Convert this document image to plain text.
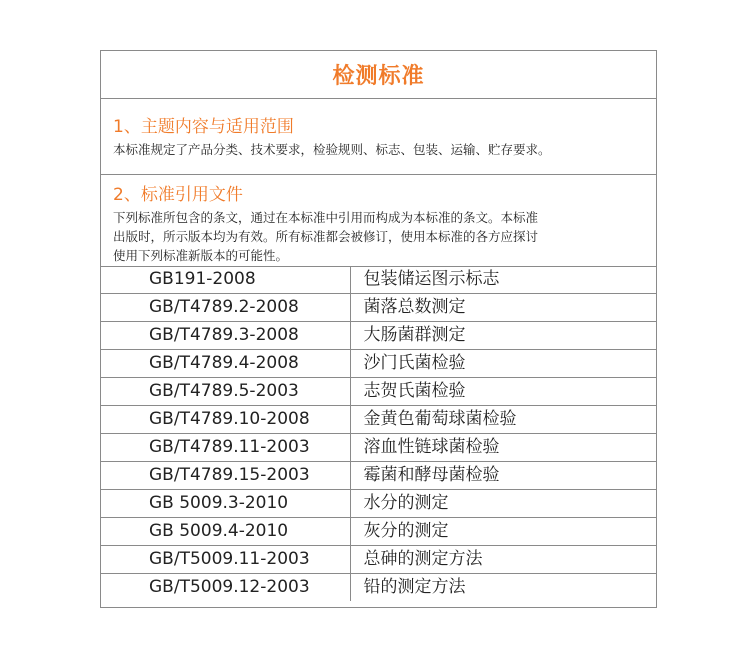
检测标准
1、主题内容与适用范围
本标准规定了产品分类、技术要求，检验规则、标志、包装、运输、贮存要求。
2、标准引用文件
下列标准所包含的条文，通过在本标准中引用而构成为本标准的条文。本标准
出版时，所示版本均为有效。所有标准都会被修订，使用本标准的各方应探讨
使用下列标准新版本的可能性。
GB191-2008	包装储运图示标志
GB/T4789.2-2008	菌落总数测定
GB/T4789.3-2008	大肠菌群测定
GB/T4789.4-2008	沙门氏菌检验
GB/T4789.5-2003	志贺氏菌检验
GB/T4789.10-2008	金黄色葡萄球菌检验
GB/T4789.11-2003	溶血性链球菌检验
GB/T4789.15-2003	霉菌和酵母菌检验
GB 5009.3-2010	水分的测定
GB 5009.4-2010	灰分的测定
GB/T5009.11-2003	总砷的测定方法
GB/T5009.12-2003	铅的测定方法
